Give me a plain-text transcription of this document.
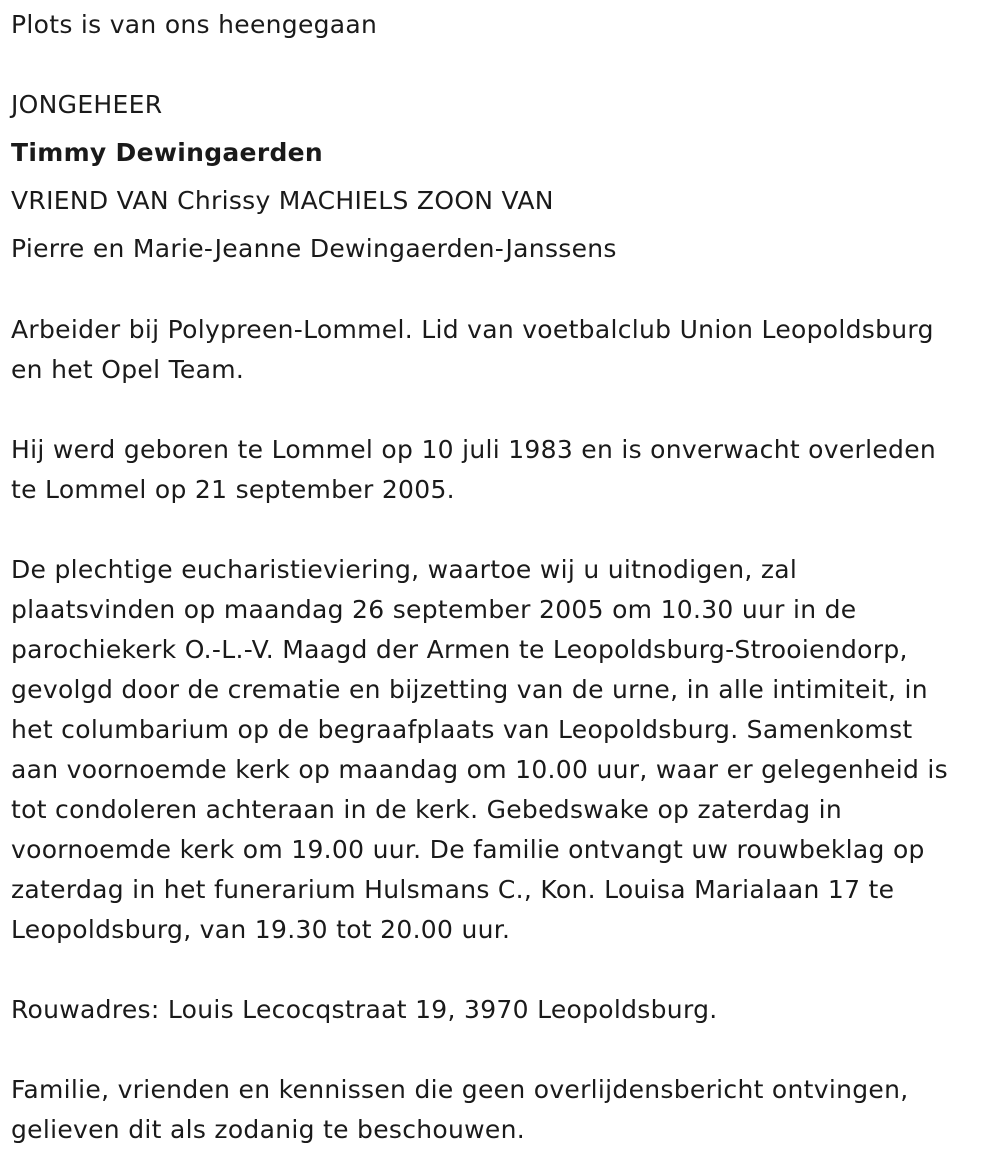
Plots is van ons heengegaan
JONGEHEER
Timmy Dewingaerden
VRIEND VAN Chrissy MACHIELS ZOON VAN
Pierre en Marie-Jeanne Dewingaerden-Janssens
Arbeider bij Polypreen-Lommel. Lid van voetbalclub Union Leopoldsburg
en het Opel Team.
Hij werd geboren te Lommel op 10 juli 1983 en is onverwacht overleden
te Lommel op 21 september 2005.
De plechtige eucharistieviering, waartoe wij u uitnodigen, zal
plaatsvinden op maandag 26 september 2005 om 10.30 uur in de
parochiekerk O.-L.-V. Maagd der Armen te Leopoldsburg-Strooiendorp,
gevolgd door de crematie en bijzetting van de urne, in alle intimiteit, in
het columbarium op de begraafplaats van Leopoldsburg. Samenkomst
aan voornoemde kerk op maandag om 10.00 uur, waar er gelegenheid is
tot condoleren achteraan in de kerk. Gebedswake op zaterdag in
voornoemde kerk om 19.00 uur. De familie ontvangt uw rouwbeklag op
zaterdag in het funerarium Hulsmans C., Kon. Louisa Marialaan 17 te
Leopoldsburg, van 19.30 tot 20.00 uur.
Rouwadres: Louis Lecocqstraat 19, 3970 Leopoldsburg.
Familie, vrienden en kennissen die geen overlijdensbericht ontvingen,
gelieven dit als zodanig te beschouwen.
